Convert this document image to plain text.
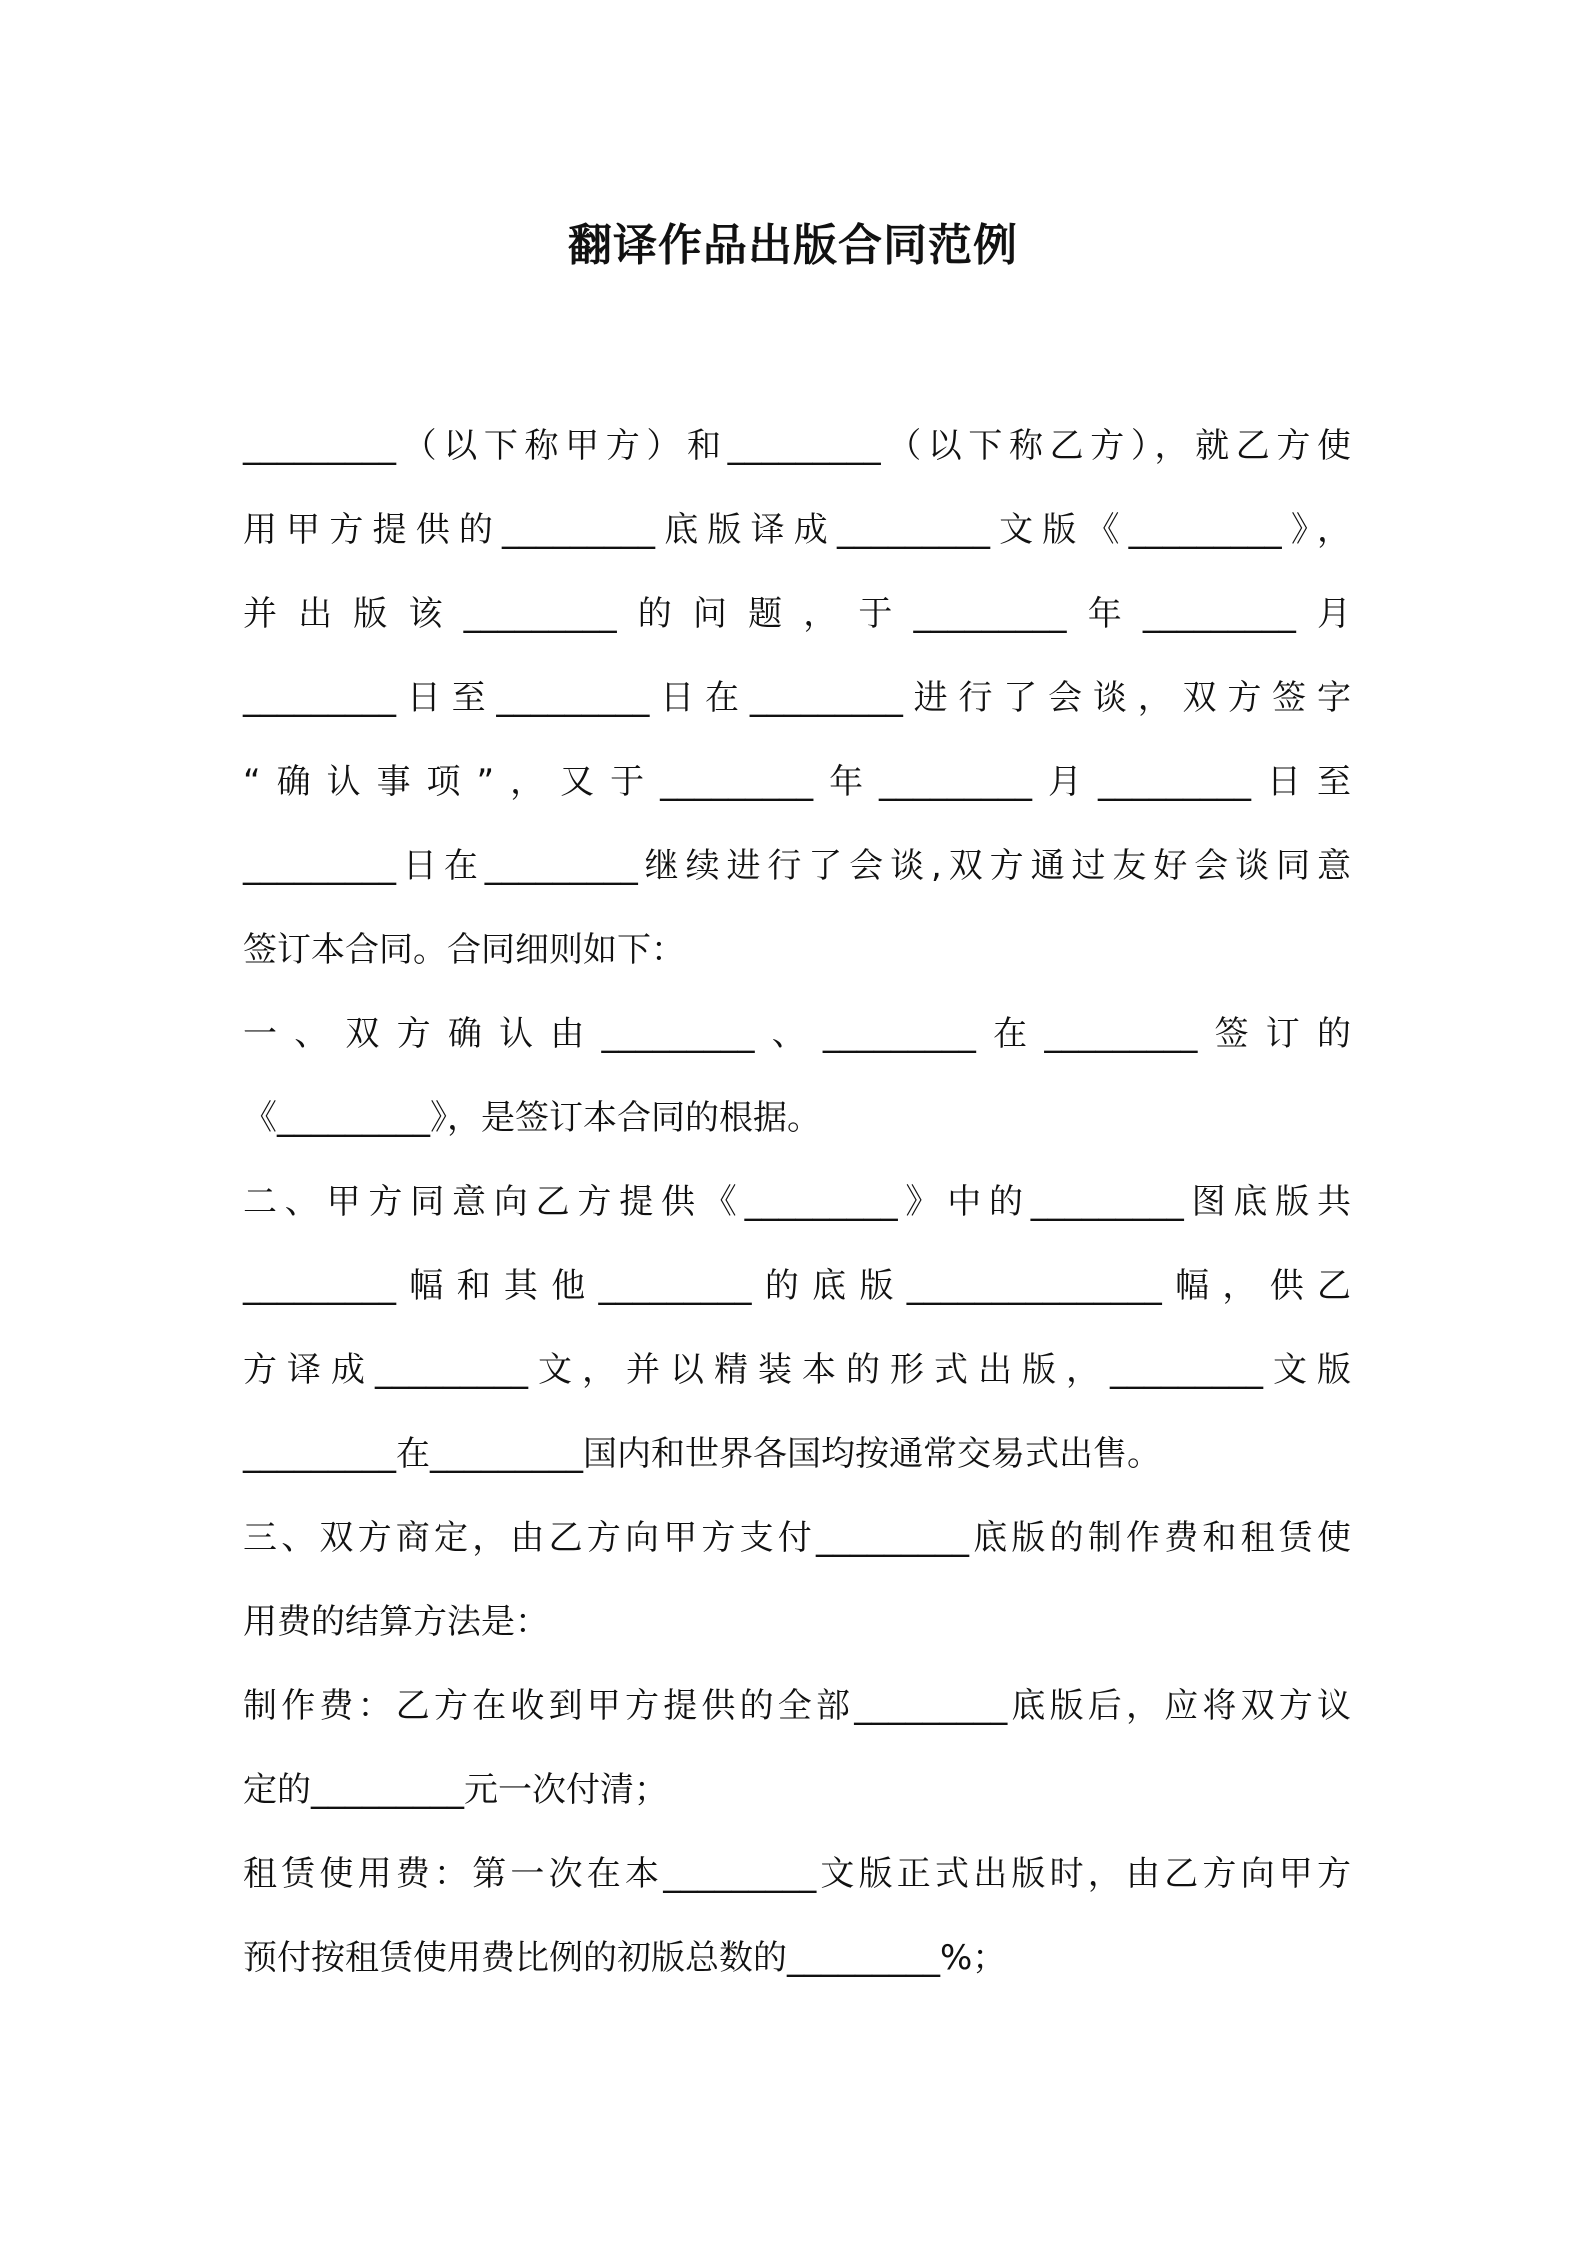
翻译作品出版合同范例
_________（以下称甲方）和_________（以下称乙方），就乙方使
用甲方提供的_________底版译成_________文版《_________》，
并出版该_________的问题，于_________年_________月
_________日至_________日在_________进行了会谈，双方签字
“确认事项”，又于_________年_________月_________日至
_________日在_________继续进行了会谈,双方通过友好会谈同意
签订本合同。合同细则如下：
一、双方确认由_________、_________在_________签订的
《_________》，是签订本合同的根据。
二、甲方同意向乙方提供《_________》中的_________图底版共
_________幅和其他_________的底版_______________幅，供乙
方译成_________文，并以精装本的形式出版，_________文版
_________在_________国内和世界各国均按通常交易式出售。
三、双方商定，由乙方向甲方支付_________底版的制作费和租赁使
用费的结算方法是：
制作费：乙方在收到甲方提供的全部_________底版后，应将双方议
定的_________元一次付清；
租赁使用费：第一次在本_________文版正式出版时，由乙方向甲方
预付按租赁使用费比例的初版总数的_________%；
